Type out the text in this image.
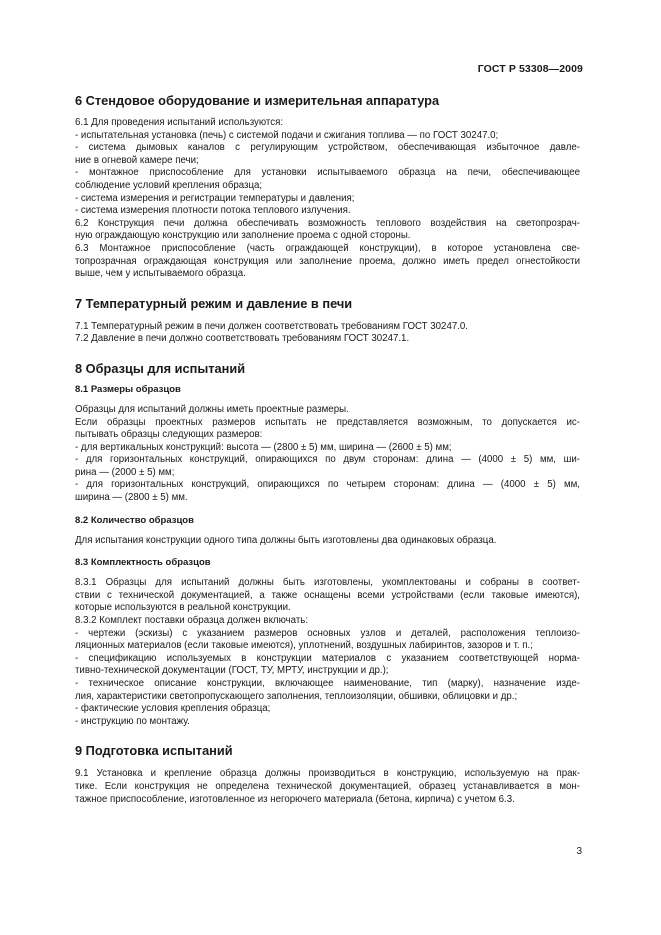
ГОСТ Р 53308—2009
6 Стендовое оборудование и измерительная аппаратура

6.1 Для проведения испытаний используются:

- испытательная установка (печь) с системой подачи и сжигания топлива — по ГОСТ 30247.0;

- система дымовых каналов с регулирующим устройством, обеспечивающая избыточное давле-

ние в огневой камере печи;

- монтажное приспособление для установки испытываемого образца на печи, обеспечивающее

соблюдение условий крепления образца;

- система измерения и регистрации температуры и давления;

- система измерения плотности потока теплового излучения.

6.2 Конструкция печи должна обеспечивать возможность теплового воздействия на светопрозрач-

ную ограждающую конструкцию или заполнение проема с одной стороны.

6.3 Монтажное приспособление (часть ограждающей конструкции), в которое установлена све-

топрозрачная ограждающая конструкция или заполнение проема, должно иметь предел огнестойкости

выше, чем у испытываемого образца.

7 Температурный режим и давление в печи

7.1 Температурный режим в печи должен соответствовать требованиям ГОСТ 30247.0.

7.2 Давление в печи должно соответствовать требованиям ГОСТ 30247.1.

8 Образцы для испытаний
8.1 Размеры образцов

Образцы для испытаний должны иметь проектные размеры.

Если образцы проектных размеров испытать не представляется возможным, то допускается ис-

пытывать образцы следующих размеров:

- для вертикальных конструкций: высота — (2800 ± 5) мм, ширина — (2600 ± 5) мм;

- для горизонтальных конструкций, опирающихся по двум сторонам: длина — (4000 ± 5) мм, ши-

рина — (2000 ± 5) мм;

- для горизонтальных конструкций, опирающихся по четырем сторонам: длина — (4000 ± 5) мм,

ширина — (2800 ± 5) мм.

8.2 Количество образцов

Для испытания конструкции одного типа должны быть изготовлены два одинаковых образца.

8.3 Комплектность образцов

8.3.1 Образцы для испытаний должны быть изготовлены, укомплектованы и собраны в соответ-

ствии с технической документацией, а также оснащены всеми устройствами (если таковые имеются),

которые используются в реальной конструкции.

8.3.2 Комплект поставки образца должен включать:

- чертежи (эскизы) с указанием размеров основных узлов и деталей, расположения теплоизо-

ляционных материалов (если таковые имеются), уплотнений, воздушных лабиринтов, зазоров и т. п.;

- спецификацию используемых в конструкции материалов с указанием соответствующей норма-

тивно-технической документации (ГОСТ, ТУ, МРТУ, инструкции и др.);

- техническое описание конструкции, включающее наименование, тип (марку), назначение изде-

лия, характеристики светопропускающего заполнения, теплоизоляции, обшивки, облицовки и др.;

- фактические условия крепления образца;

- инструкцию по монтажу.

9 Подготовка испытаний

9.1 Установка и крепление образца должны производиться в конструкцию, используемую на прак-

тике. Если конструкция не определена технической документацией, образец устанавливается в мон-

тажное приспособление, изготовленное из негорючего материала (бетона, кирпича) с учетом 6.3.

3
